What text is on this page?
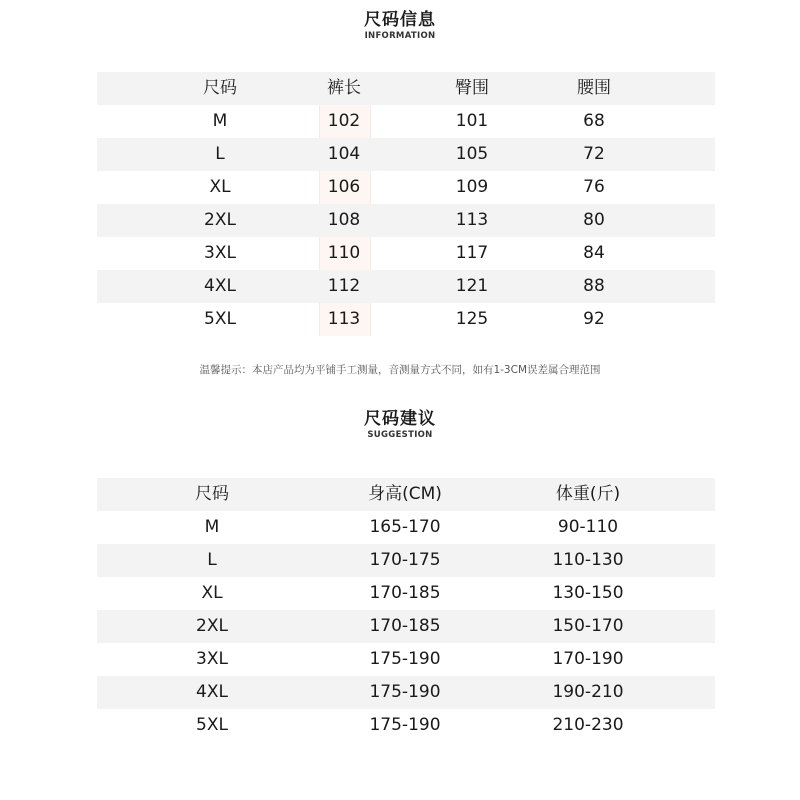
尺码信息
INFORMATION
尺码	裤长	臀围	腰围
M	102	101	68
L	104	105	72
XL	106	109	76
2XL	108	113	80
3XL	110	117	84
4XL	112	121	88
5XL	113	125	92
温馨提示：本店产品均为平铺手工测量，音测量方式不同，如有1-3CM误差属合理范围
尺码建议
SUGGESTION
尺码	身高(CM)	体重(斤)
M	165-170	90-110
L	170-175	110-130
XL	170-185	130-150
2XL	170-185	150-170
3XL	175-190	170-190
4XL	175-190	190-210
5XL	175-190	210-230
